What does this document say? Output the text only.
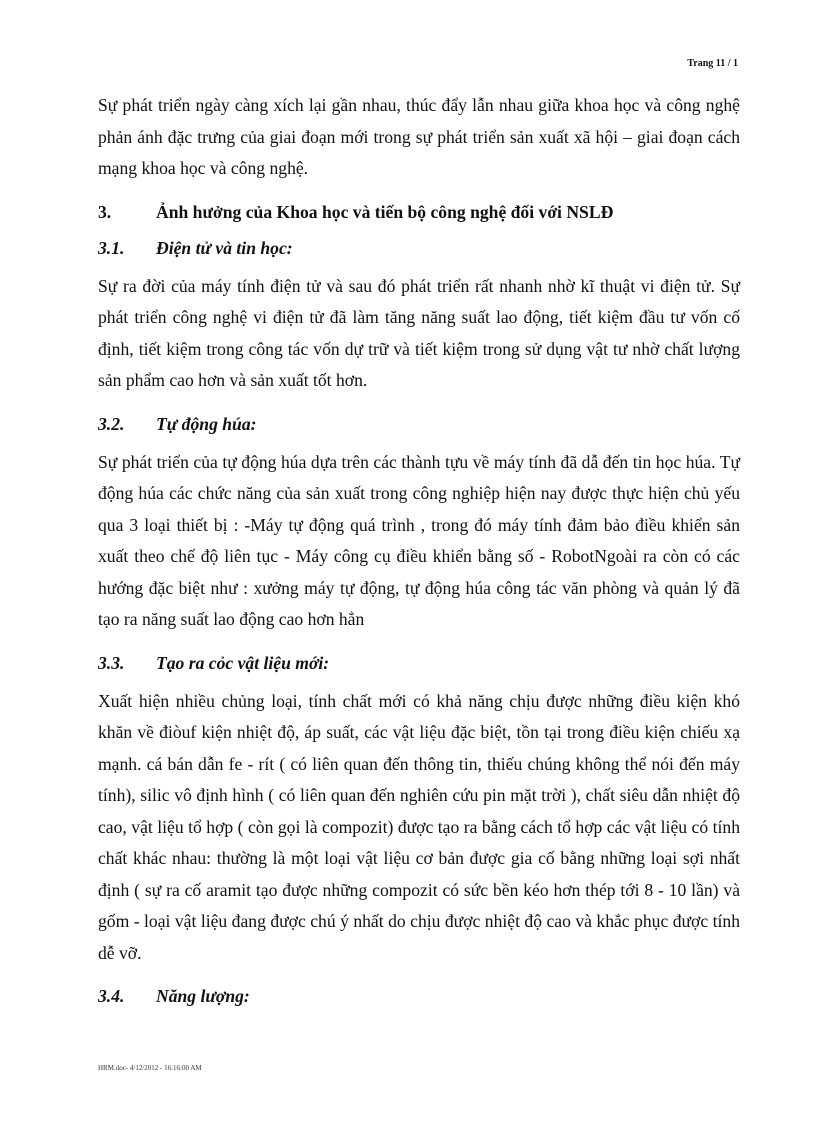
Trang 11 / 1

Sự phát triển ngày càng xích lại gần nhau, thúc đẩy lẫn nhau giữa khoa học và công nghệ phản ánh đặc trưng của giai đoạn mới trong sự phát triển sản xuất xã hội – giai đoạn cách mạng khoa học và công nghệ.

3.	Ảnh hưởng của Khoa học và tiến bộ công nghệ đối với NSLĐ
3.1.	Điện tử và tin học:

Sự ra đời của máy tính điện tử và sau đó phát triển rất nhanh nhờ kĩ thuật vi điện tử. Sự phát triển công nghệ vi điện tử đã làm tăng năng suất lao động, tiết kiệm đầu tư vốn cố định, tiết kiệm trong công tác vốn dự trữ và tiết kiệm trong sử dụng vật tư nhờ chất lượng sản phẩm cao hơn và sản xuất tốt hơn.

3.2.	Tự động húa:

Sự phát triển của tự động húa dựa trên các thành tựu về máy tính đã dẫ đến tin học húa. Tự động húa các chức năng của sản xuất trong công nghiệp hiện nay được thực hiện chủ yếu qua 3 loại thiết bị : -Máy tự động quá trình , trong đó máy tính đảm bảo điều khiển sản xuất theo chế độ liên tục - Máy công cụ điều khiển bằng số - RobotNgoài ra còn có các hướng đặc biệt như : xưởng máy tự động, tự động húa công tác văn phòng và quản lý đã tạo ra năng suất lao động cao hơn hẳn

3.3.	Tạo ra cỏc vật liệu mới:

Xuất hiện nhiều chủng loại, tính chất mới có khả năng chịu được những điều kiện khó khăn về điòuf kiện nhiệt độ, áp suất, các vật liệu đặc biệt, tồn tại trong điều kiện chiếu xạ mạnh. cá bán dẫn fe - rít ( có liên quan đến thông tin, thiếu chúng không thể nói đến máy tính), silic vô định hình ( có liên quan đến nghiên cứu pin mặt trời ), chất siêu dẫn nhiệt độ cao, vật liệu tổ hợp ( còn gọi là compozit) được tạo ra bằng cách tổ hợp các vật liệu có tính chất khác nhau: thường là một loại vật liệu cơ bản được gia cố bằng những loại sợi nhất định ( sự ra cố aramit tạo được những compozit có sức bền kéo hơn thép tới 8 - 10 lần) và gốm - loại vật liệu đang được chú ý nhất do chịu được nhiệt độ cao và khắc phục được tính dễ vỡ.

3.4.	Năng lượng:
HRM.doc- 4/12/2012 - 16:16:00 AM
